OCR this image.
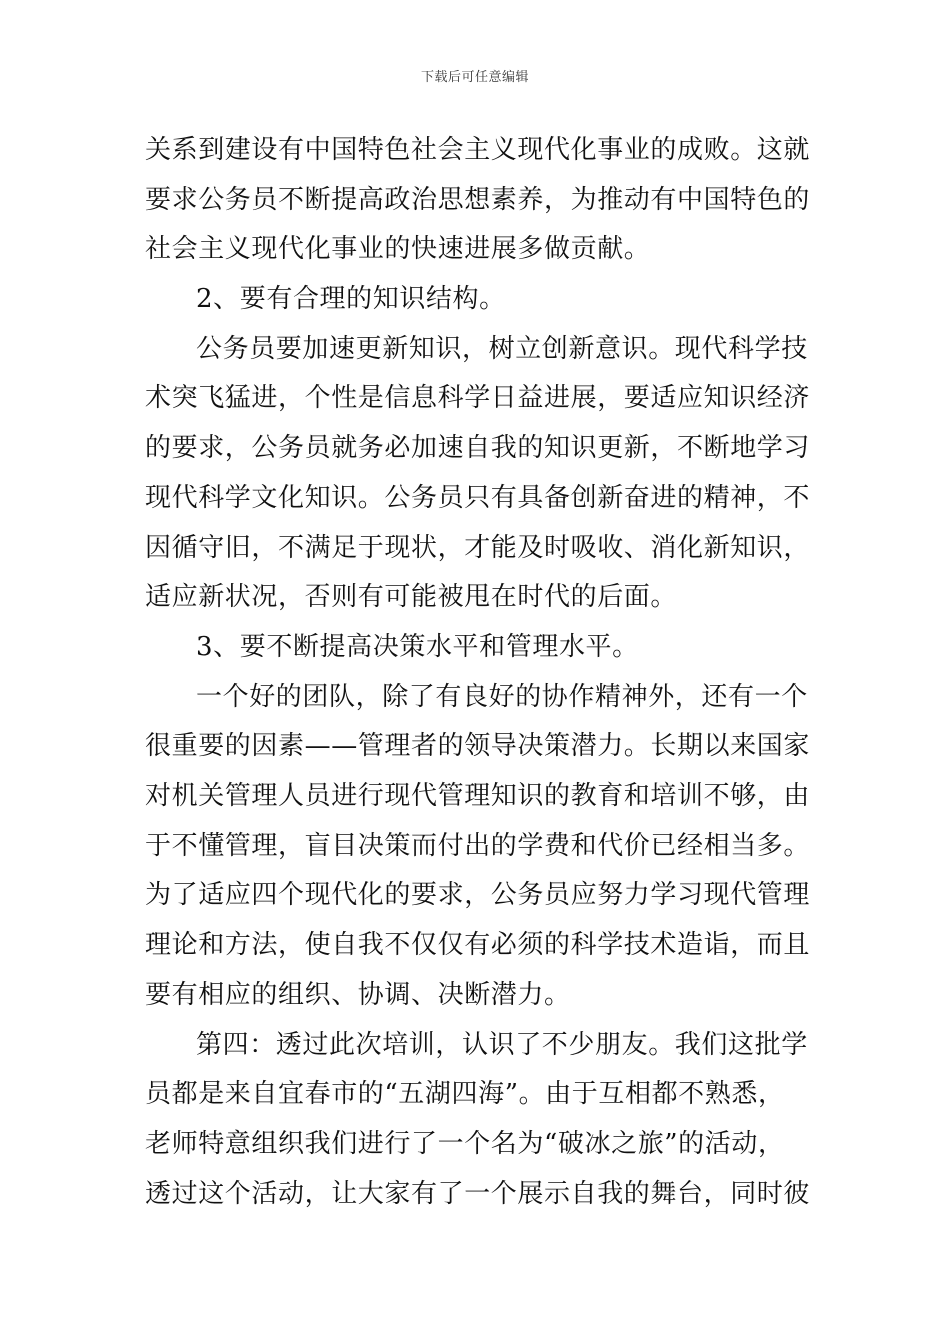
下载后可任意编辑
关系到建设有中国特色社会主义现代化事业的成败。这就
要求公务员不断提高政治思想素养，为推动有中国特色的
社会主义现代化事业的快速进展多做贡献。
2、要有合理的知识结构。
公务员要加速更新知识，树立创新意识。现代科学技
术突飞猛进，个性是信息科学日益进展，要适应知识经济
的要求，公务员就务必加速自我的知识更新，不断地学习
现代科学文化知识。公务员只有具备创新奋进的精神，不
因循守旧，不满足于现状，才能及时吸收、消化新知识，
适应新状况，否则有可能被甩在时代的后面。
3、要不断提高决策水平和管理水平。
一个好的团队，除了有良好的协作精神外，还有一个
很重要的因素——管理者的领导决策潜力。长期以来国家
对机关管理人员进行现代管理知识的教育和培训不够，由
于不懂管理，盲目决策而付出的学费和代价已经相当多。
为了适应四个现代化的要求，公务员应努力学习现代管理
理论和方法，使自我不仅仅有必须的科学技术造诣，而且
要有相应的组织、协调、决断潜力。
第四：透过此次培训，认识了不少朋友。我们这批学
员都是来自宜春市的“五湖四海”。由于互相都不熟悉，
老师特意组织我们进行了一个名为“破冰之旅”的活动，
透过这个活动，让大家有了一个展示自我的舞台，同时彼
